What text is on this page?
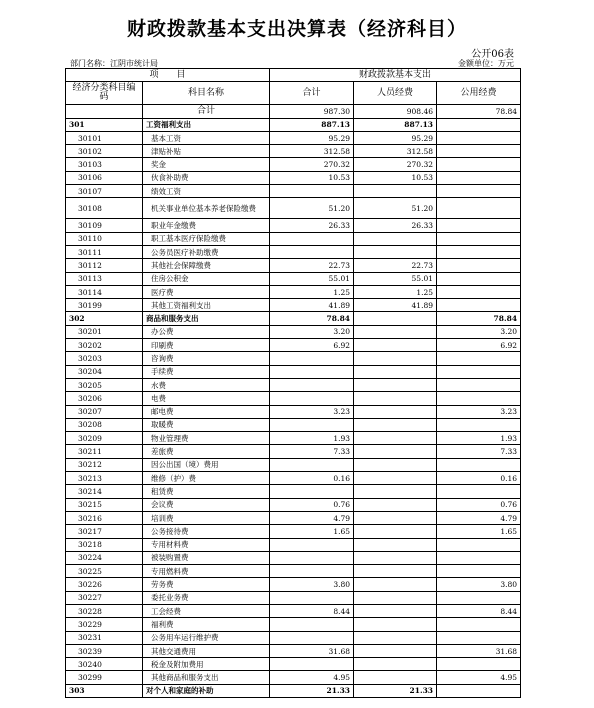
财政拨款基本支出决算表（经济科目）
公开06表
部门名称：江阴市统计局	金额单位：万元
项　　目		财政拨款基本支出		
经济分类科目编码	科目名称	合计	人员经费	公用经费
	合计	987.30	908.46	78.84
301	工资福利支出	887.13	887.13	
30101	基本工资	95.29	95.29	
30102	津贴补贴	312.58	312.58	
30103	奖金	270.32	270.32	
30106	伙食补助费	10.53	10.53	
30107	绩效工资			
30108	机关事业单位基本养老保险缴费	51.20	51.20	
30109	职业年金缴费	26.33	26.33	
30110	职工基本医疗保险缴费			
30111	公务员医疗补助缴费			
30112	其他社会保障缴费	22.73	22.73	
30113	住房公积金	55.01	55.01	
30114	医疗费	1.25	1.25	
30199	其他工资福利支出	41.89	41.89	
302	商品和服务支出	78.84		78.84
30201	办公费	3.20		3.20
30202	印刷费	6.92		6.92
30203	咨询费			
30204	手续费			
30205	水费			
30206	电费			
30207	邮电费	3.23		3.23
30208	取暖费			
30209	物业管理费	1.93		1.93
30211	差旅费	7.33		7.33
30212	因公出国（境）费用			
30213	维修（护）费	0.16		0.16
30214	租赁费			
30215	会议费	0.76		0.76
30216	培训费	4.79		4.79
30217	公务接待费	1.65		1.65
30218	专用材料费			
30224	被装购置费			
30225	专用燃料费			
30226	劳务费	3.80		3.80
30227	委托业务费			
30228	工会经费	8.44		8.44
30229	福利费			
30231	公务用车运行维护费			
30239	其他交通费用	31.68		31.68
30240	税金及附加费用			
30299	其他商品和服务支出	4.95		4.95
303	对个人和家庭的补助	21.33	21.33	
